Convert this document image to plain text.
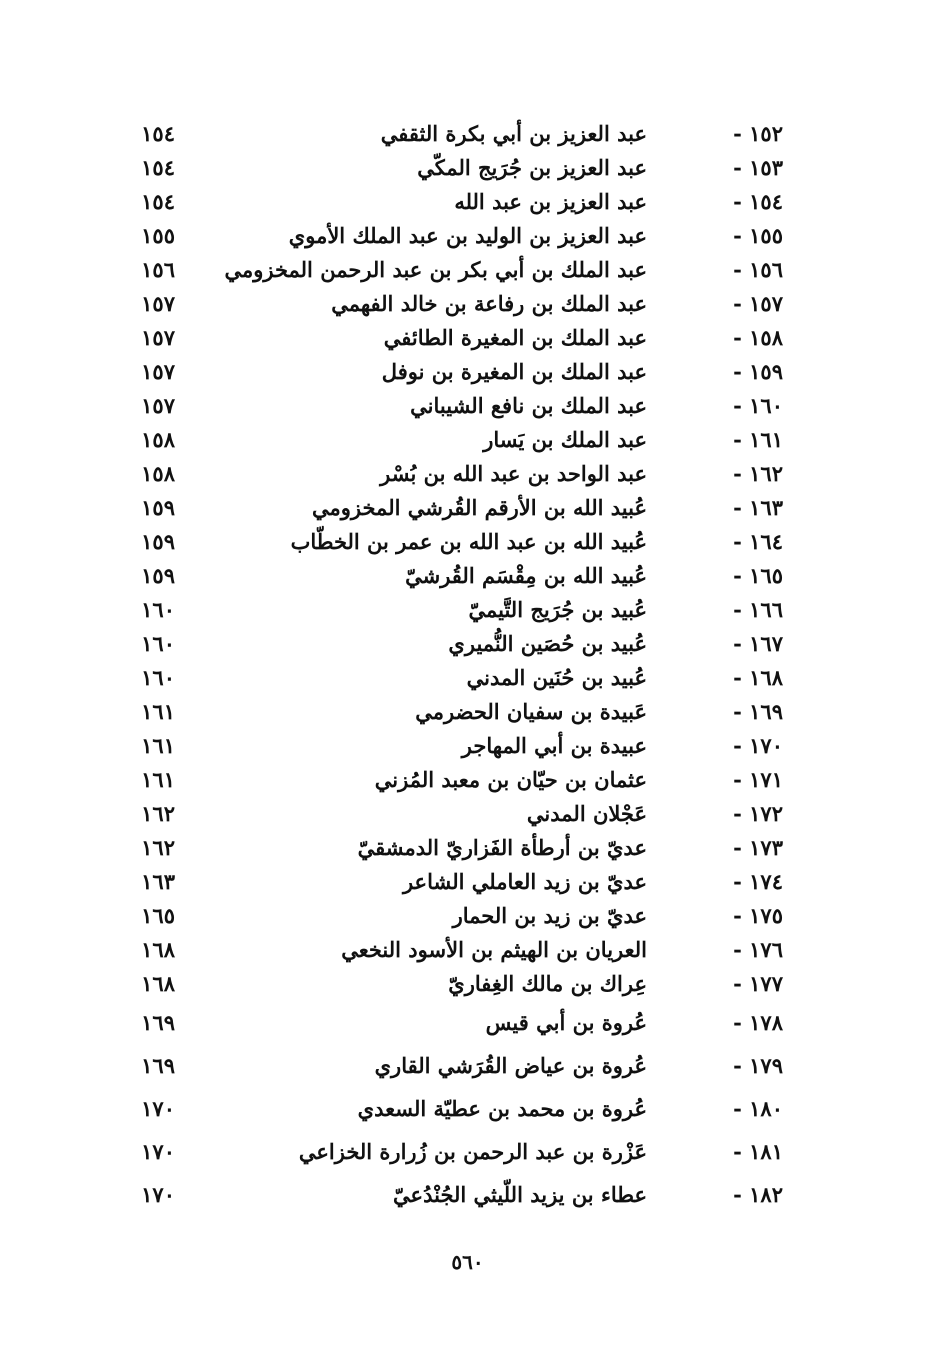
١٥٢ -
عبد العزيز بن أبي بكرة الثقفي
١٥٤
١٥٣ -
عبد العزيز بن جُرَيج المكّي
١٥٤
١٥٤ -
عبد العزيز بن عبد الله
١٥٤
١٥٥ -
عبد العزيز بن الوليد بن عبد الملك الأموي
١٥٥
١٥٦ -
عبد الملك بن أبي بكر بن عبد الرحمن المخزومي
١٥٦
١٥٧ -
عبد الملك بن رفاعة بن خالد الفهمي
١٥٧
١٥٨ -
عبد الملك بن المغيرة الطائفي
١٥٧
١٥٩ -
عبد الملك بن المغيرة بن نوفل
١٥٧
١٦٠ -
عبد الملك بن نافع الشيباني
١٥٧
١٦١ -
عبد الملك بن يَسار
١٥٨
١٦٢ -
عبد الواحد بن عبد الله بن بُسْر
١٥٨
١٦٣ -
عُبيد الله بن الأرقم القُرشي المخزومي
١٥٩
١٦٤ -
عُبيد الله بن عبد الله بن عمر بن الخطّاب
١٥٩
١٦٥ -
عُبيد الله بن مِقْسَم القُرشيّ
١٥٩
١٦٦ -
عُبيد بن جُرَيج التَّيميّ
١٦٠
١٦٧ -
عُبيد بن حُصَين النُّميري
١٦٠
١٦٨ -
عُبيد بن حُنَين المدني
١٦٠
١٦٩ -
عَبيدة بن سفيان الحضرمي
١٦١
١٧٠ -
عبيدة بن أبي المهاجر
١٦١
١٧١ -
عثمان بن حيّان بن معبد المُزني
١٦١
١٧٢ -
عَجْلان المدني
١٦٢
١٧٣ -
عديّ بن أرطأة الفَزاريّ الدمشقيّ
١٦٢
١٧٤ -
عديّ بن زيد العاملي الشاعر
١٦٣
١٧٥ -
عديّ بن زيد بن الحمار
١٦٥
١٧٦ -
العريان بن الهيثم بن الأسود النخعي
١٦٨
١٧٧ -
عِراك بن مالك الغِفاريّ
١٦٨
١٧٨ -
عُروة بن أبي قيس
١٦٩
١٧٩ -
عُروة بن عياض القُرَشي القاري
١٦٩
١٨٠ -
عُروة بن محمد بن عطيّة السعدي
١٧٠
١٨١ -
عَزْرة بن عبد الرحمن بن زُرارة الخزاعي
١٧٠
١٨٢ -
عطاء بن يزيد اللّيثي الجُنْدُعيّ
١٧٠
٥٦٠
